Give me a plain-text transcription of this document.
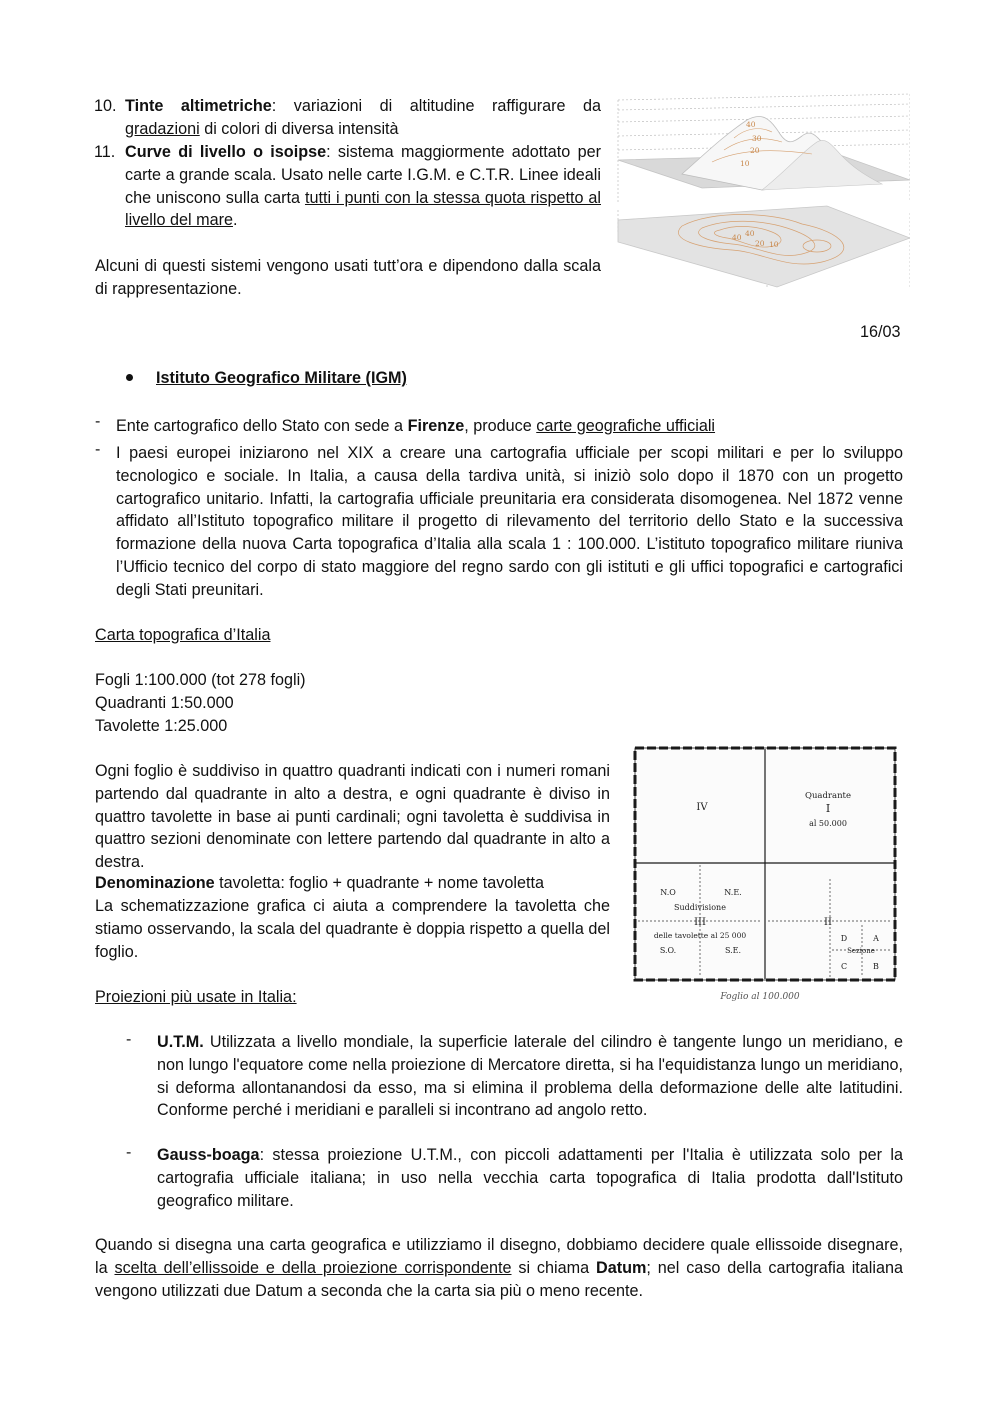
10. Tinte altimetriche: variazioni di altitudine raffigurare da gradazioni di colori di diversa intensità
11. Curve di livello o isoipse: sistema maggiormente adottato per carte a grande scala. Usato nelle carte I.G.M. e C.T.R. Linee ideali che uniscono sulla carta tutti i punti con la stessa quota rispetto al livello del mare.
Alcuni di questi sistemi vengono usati tutt’ora e dipendono dalla scala di rappresentazione.
40
30
20
10
40 40
20 10
16/03
Istituto Geografico Militare (IGM)
- Ente cartografico dello Stato con sede a Firenze, produce carte geografiche ufficiali
- I paesi europei iniziarono nel XIX a creare una cartografia ufficiale per scopi militari e per lo sviluppo tecnologico e sociale. In Italia, a causa della tardiva unità, si iniziò solo dopo il 1870 con un progetto cartografico unitario. Infatti, la cartografia ufficiale preunitaria era considerata disomogenea. Nel 1872 venne affidato all’Istituto topografico militare il progetto di rilevamento del territorio dello Stato e la successiva formazione della nuova Carta topografica d’Italia alla scala 1 : 100.000. L’istituto topografico militare riuniva l’Ufficio tecnico del corpo di stato maggiore del regno sardo con gli istituti e gli uffici topografici e cartografici degli Stati preunitari.
Carta topografica d’Italia
Fogli 1:100.000 (tot 278 fogli)
Quadranti 1:50.000
Tavolette 1:25.000
Ogni foglio è suddiviso in quattro quadranti indicati con i numeri romani partendo dal quadrante in alto a destra, e ogni quadrante è diviso in quattro tavolette in base ai punti cardinali; ogni tavoletta è suddivisa in quattro sezioni denominate con lettere partendo dal quadrante in alto a destra.
Denominazione tavoletta: foglio + quadrante + nome tavoletta
La schematizzazione grafica ci aiuta a comprendere la tavoletta che stiamo osservando, la scala del quadrante è doppia rispetto a quella del foglio.
IV
Quadrante
I
al 50.000
N.O	N.E.
Suddivisione
III
delle tavolette al 25 000
S.O.	S.E.
II
D	A
Sezione
C	B
Foglio al 100.000
Proiezioni più usate in Italia:
- U.T.M. Utilizzata a livello mondiale, la superficie laterale del cilindro è tangente lungo un meridiano, e non lungo l'equatore come nella proiezione di Mercatore diretta, si ha l'equidistanza lungo un meridiano, si deforma allontanandosi da esso, ma si elimina il problema della deformazione delle alte latitudini. Conforme perché i meridiani e paralleli si incontrano ad angolo retto.
- Gauss-boaga: stessa proiezione U.T.M., con piccoli adattamenti per l'Italia è utilizzata solo per la cartografia ufficiale italiana; in uso nella vecchia carta topografica di Italia prodotta dall'Istituto geografico militare.
Quando si disegna una carta geografica e utilizziamo il disegno, dobbiamo decidere quale ellissoide disegnare, la scelta dell’ellissoide e della proiezione corrispondente si chiama Datum; nel caso della cartografia italiana vengono utilizzati due Datum a seconda che la carta sia più o meno recente.
